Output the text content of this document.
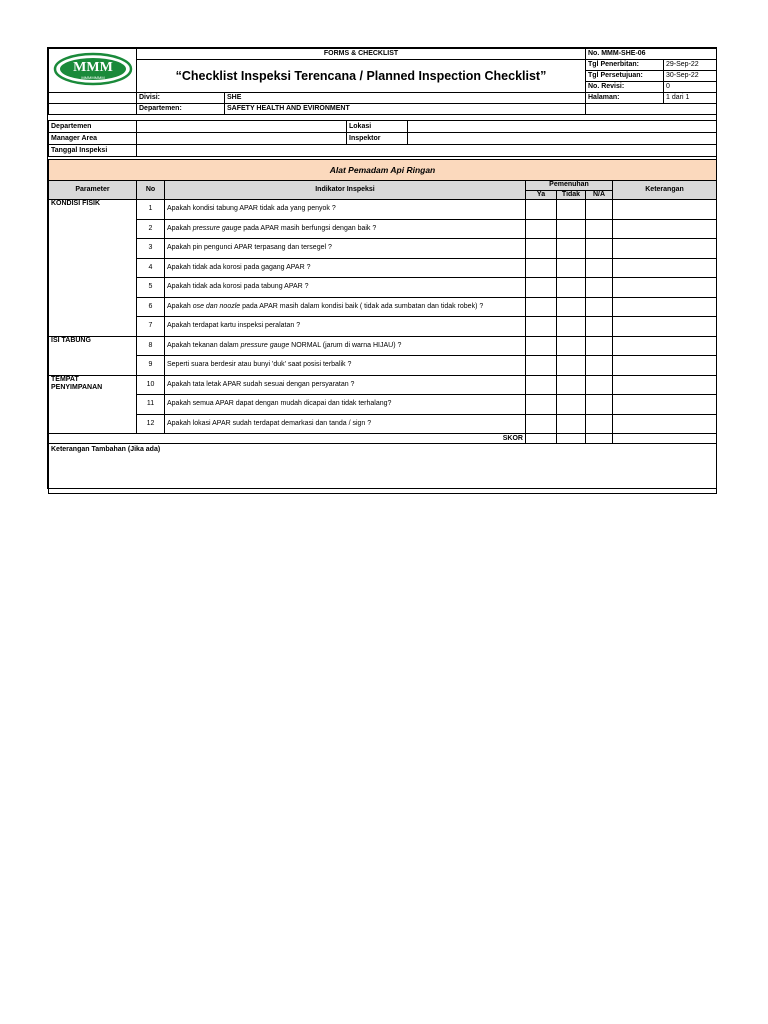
MMM
MMMMMMM	FORMS & CHECKLIST		No. MMM-SHE-06	
	“Checklist Inspeksi Terencana / Planned Inspection Checklist”		Tgl Penerbitan:	29-Sep-22
			Tgl Persetujuan:	30-Sep-22
			No. Revisi:	0
	Divisi:	SHE	Halaman:	1 dari 1
	Departemen:	SAFETY HEALTH AND EVIRONMENT		
Departemen		Lokasi	
Manager Area		Inspektor	
Tanggal Inspeksi			
Alat Pemadam Api Ringan						
Parameter	No	Indikator Inspeksi	Pemenuhan			Keterangan
			Ya	Tidak	N/A	
KONDISI FISIK	1	Apakah kondisi tabung APAR tidak ada yang penyok ?				
	2	Apakah pressure gauge pada APAR masih berfungsi dengan baik ?				
	3	Apakah pin pengunci APAR terpasang dan tersegel ?				
	4	Apakah tidak ada korosi pada gagang APAR ?				
	5	Apakah tidak ada korosi pada tabung APAR ?				
	6	Apakah ose dan noozle pada APAR masih dalam kondisi baik ( tidak ada sumbatan dan tidak robek) ?				
	7	Apakah terdapat kartu inspeksi peralatan ?				
ISI TABUNG	8	Apakah tekanan dalam pressure gauge NORMAL (jarum di warna HIJAU) ?				
	9	Seperti suara berdesir atau bunyi 'duk' saat posisi terbalik ?				

TEMPAT
PENYIMPANAN	10	Apakah tata letak APAR sudah sesuai dengan persyaratan ?				
	11	Apakah semua APAR dapat dengan mudah dicapai dan tidak terhalang?				
	12	Apakah lokasi APAR sudah terdapat demarkasi dan tanda / sign ?				
SKOR						
Keterangan Tambahan (Jika ada)						
